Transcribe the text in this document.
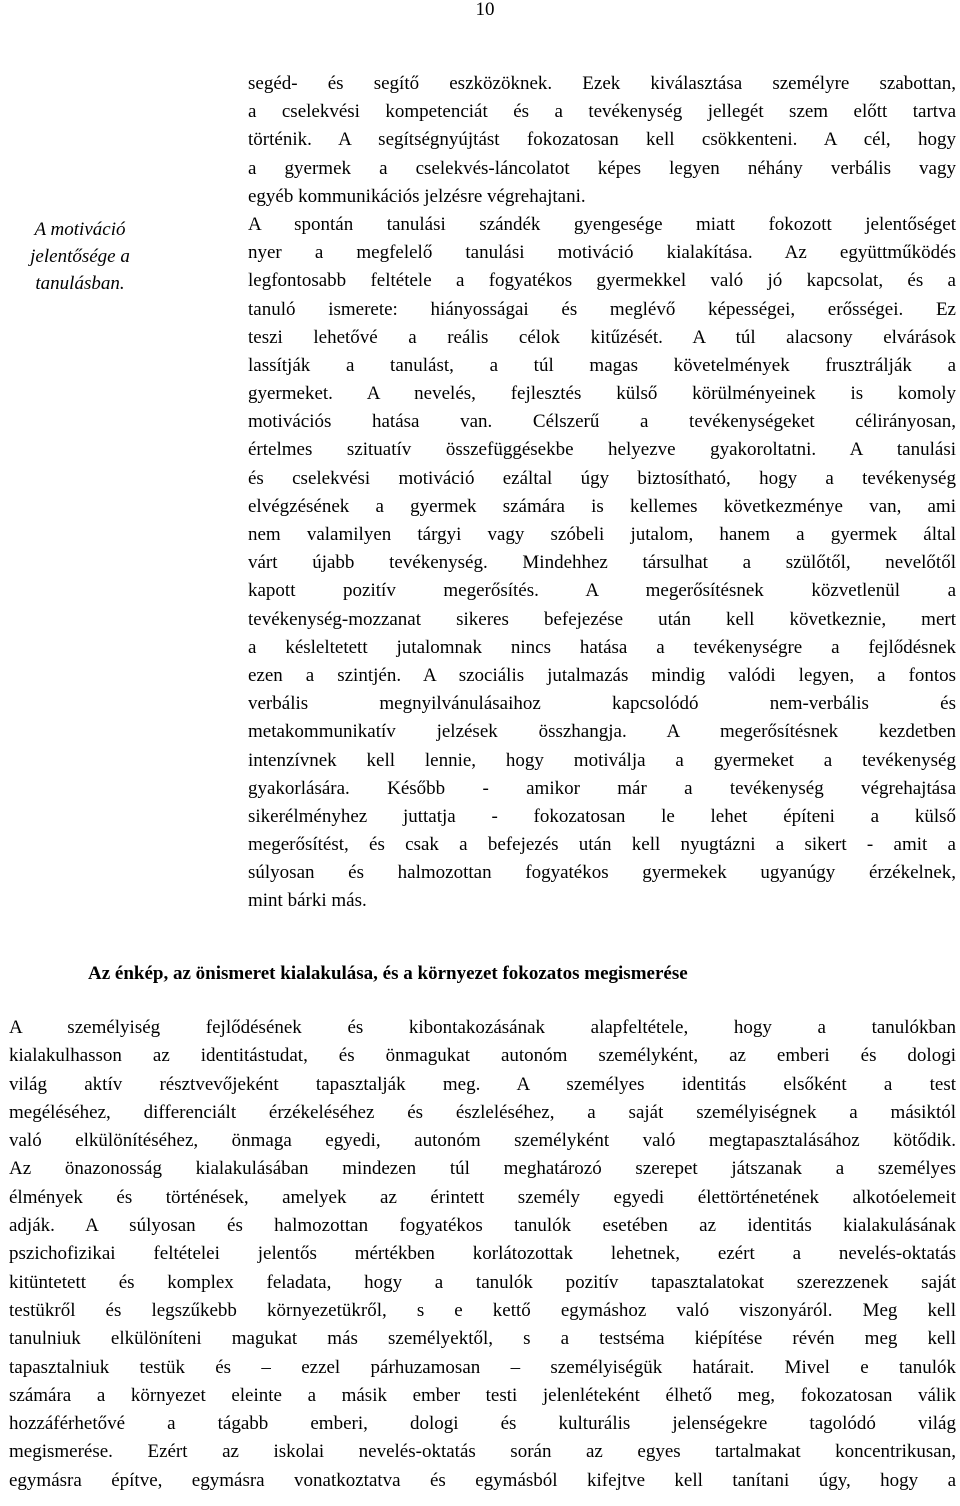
10
A motiváció
jelentősége a
tanulásban.
segéd- és segítő eszközöknek. Ezek kiválasztása személyre szabottan,
a cselekvési kompetenciát és a tevékenység jellegét szem előtt tartva
történik. A segítségnyújtást fokozatosan kell csökkenteni. A cél, hogy
a gyermek a cselekvés-láncolatot képes legyen néhány verbális vagy
egyéb kommunikációs jelzésre végrehajtani.
A spontán tanulási szándék gyengesége miatt fokozott jelentőséget
nyer a megfelelő tanulási motiváció kialakítása. Az együttműködés
legfontosabb feltétele a fogyatékos gyermekkel való jó kapcsolat, és a
tanuló ismerete: hiányosságai és meglévő képességei, erősségei. Ez
teszi lehetővé a reális célok kitűzését. A túl alacsony elvárások
lassítják a tanulást, a túl magas követelmények frusztrálják a
gyermeket. A nevelés, fejlesztés külső körülményeinek is komoly
motivációs hatása van. Célszerű a tevékenységeket célirányosan,
értelmes szituatív összefüggésekbe helyezve gyakoroltatni. A tanulási
és cselekvési motiváció ezáltal úgy biztosítható, hogy a tevékenység
elvégzésének a gyermek számára is kellemes következménye van, ami
nem valamilyen tárgyi vagy szóbeli jutalom, hanem a gyermek által
várt újabb tevékenység. Mindehhez társulhat a szülőtől, nevelőtől
kapott pozitív megerősítés. A megerősítésnek közvetlenül a
tevékenység-mozzanat sikeres befejezése után kell következnie, mert
a késleltetett jutalomnak nincs hatása a tevékenységre a fejlődésnek
ezen a szintjén. A szociális jutalmazás mindig valódi legyen, a fontos
verbális megnyilvánulásaihoz kapcsolódó nem-verbális és
metakommunikatív jelzések összhangja. A megerősítésnek kezdetben
intenzívnek kell lennie, hogy motiválja a gyermeket a tevékenység
gyakorlására. Később - amikor már a tevékenység végrehajtása
sikerélményhez juttatja - fokozatosan le lehet építeni a külső
megerősítést, és csak a befejezés után kell nyugtázni a sikert - amit a
súlyosan és halmozottan fogyatékos gyermekek ugyanúgy érzékelnek,
mint bárki más.
Az énkép, az önismeret kialakulása, és a környezet fokozatos megismerése
A személyiség fejlődésének és kibontakozásának alapfeltétele, hogy a tanulókban
kialakulhasson az identitástudat, és önmagukat autonóm személyként, az emberi és dologi
világ aktív résztvevőjeként tapasztalják meg. A személyes identitás elsőként a test
megéléséhez, differenciált érzékeléséhez és észleléséhez, a saját személyiségnek a másiktól
való elkülönítéséhez, önmaga egyedi, autonóm személyként való megtapasztalásához kötődik.
Az önazonosság kialakulásában mindezen túl meghatározó szerepet játszanak a személyes
élmények és történések, amelyek az érintett személy egyedi élettörténetének alkotóelemeit
adják. A súlyosan és halmozottan fogyatékos tanulók esetében az identitás kialakulásának
pszichofizikai feltételei jelentős mértékben korlátozottak lehetnek, ezért a nevelés-oktatás
kitüntetett és komplex feladata, hogy a tanulók pozitív tapasztalatokat szerezzenek saját
testükről és legszűkebb környezetükről, s e kettő egymáshoz való viszonyáról. Meg kell
tanulniuk elkülöníteni magukat más személyektől, s a testséma kiépítése révén meg kell
tapasztalniuk testük és – ezzel párhuzamosan – személyiségük határait. Mivel e tanulók
számára a környezet eleinte a másik ember testi jelenléteként élhető meg, fokozatosan válik
hozzáférhetővé a tágabb emberi, dologi és kulturális jelenségekre tagolódó világ
megismerése. Ezért az iskolai nevelés-oktatás során az egyes tartalmakat koncentrikusan,
egymásra építve, egymásra vonatkoztatva és egymásból kifejtve kell tanítani úgy, hogy a
